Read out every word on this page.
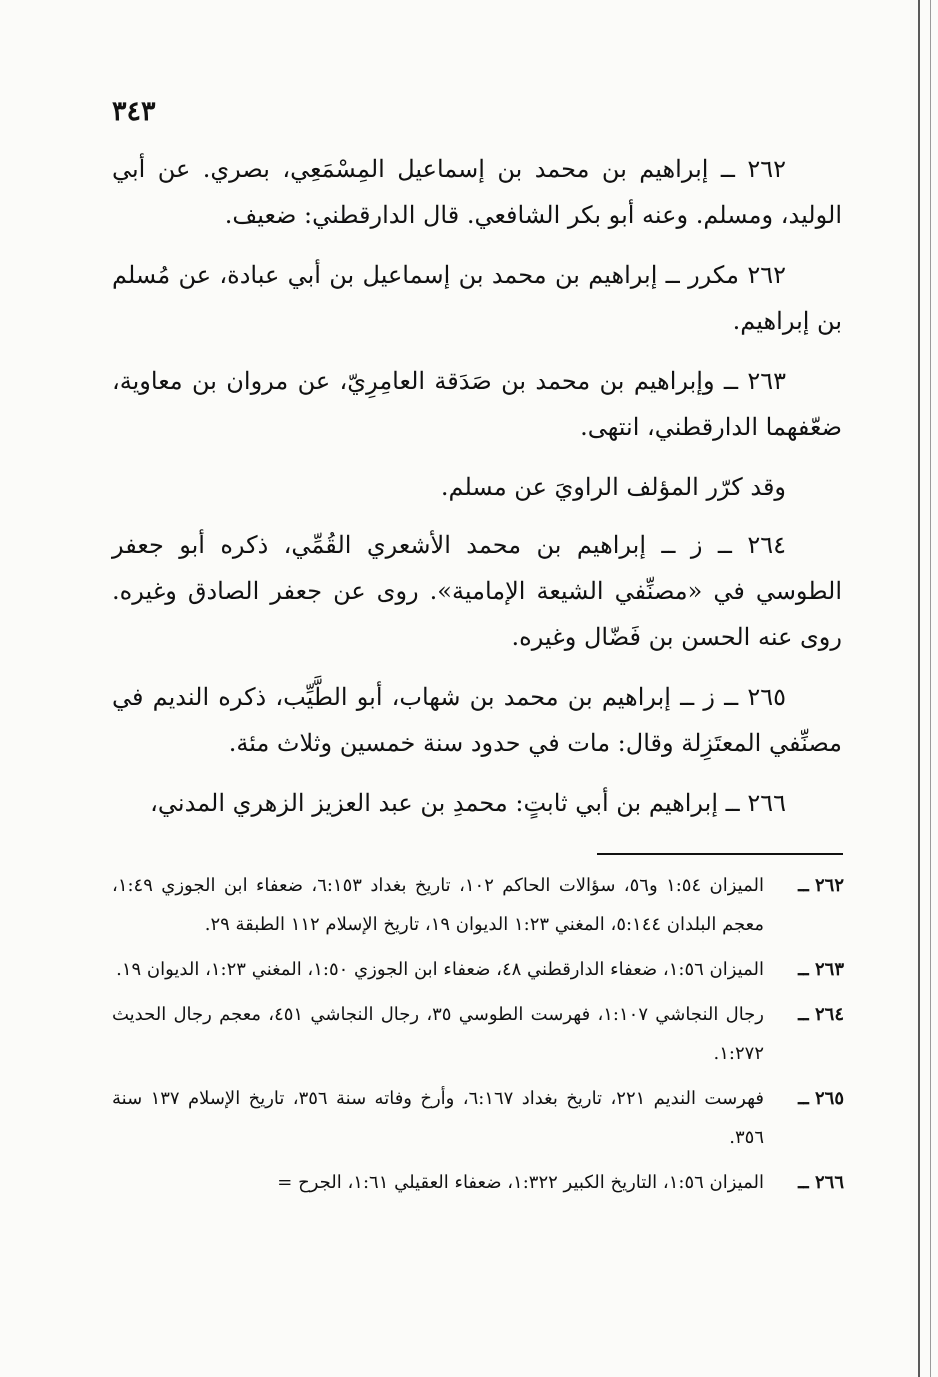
٣٤٣

٢٦٢ ــ إبراهيم بن محمد بن إسماعيل المِسْمَعِي، بصري. عن أبي الوليد، ومسلم. وعنه أبو بكر الشافعي. قال الدارقطني: ضعيف.

٢٦٢ مكرر ــ إبراهيم بن محمد بن إسماعيل بن أبي عبادة، عن مُسلم بن إبراهيم.

٢٦٣ ــ وإبراهيم بن محمد بن صَدَقة العامِرِيّ، عن مروان بن معاوية، ضعّفهما الدارقطني، انتهى.

وقد كرّر المؤلف الراويَ عن مسلم.

٢٦٤ ــ ز ــ إبراهيم بن محمد الأشعري القُمِّي، ذكره أبو جعفر الطوسي في «مصنِّفي الشيعة الإمامية». روى عن جعفر الصادق وغيره. روى عنه الحسن بن فَضّال وغيره.

٢٦٥ ــ ز ــ إبراهيم بن محمد بن شهاب، أبو الطَّيِّب، ذكره النديم في مصنِّفي المعتَزِلة وقال: مات في حدود سنة خمسين وثلاث مئة.

٢٦٦ ــ إبراهيم بن أبي ثابتٍ: محمدِ بن عبد العزيز الزهري المدني،

٢٦٢ ــالميزان ١:٥٤ و٥٦، سؤالات الحاكم ١٠٢، تاريخ بغداد ٦:١٥٣، ضعفاء ابن الجوزي ١:٤٩، معجم البلدان ٥:١٤٤، المغني ١:٢٣ الديوان ١٩، تاريخ الإسلام ١١٢ الطبقة ٢٩.

٢٦٣ ــالميزان ١:٥٦، ضعفاء الدارقطني ٤٨، ضعفاء ابن الجوزي ١:٥٠، المغني ١:٢٣، الديوان ١٩.

٢٦٤ ــرجال النجاشي ١:١٠٧، فهرست الطوسي ٣٥، رجال النجاشي ٤٥١، معجم رجال الحديث ١:٢٧٢.

٢٦٥ ــفهرست النديم ٢٢١، تاريخ بغداد ٦:١٦٧، وأرخ وفاته سنة ٣٥٦، تاريخ الإسلام ١٣٧ سنة ٣٥٦.

٢٦٦ ــالميزان ١:٥٦، التاريخ الكبير ١:٣٢٢، ضعفاء العقيلي ١:٦١، الجرح =
